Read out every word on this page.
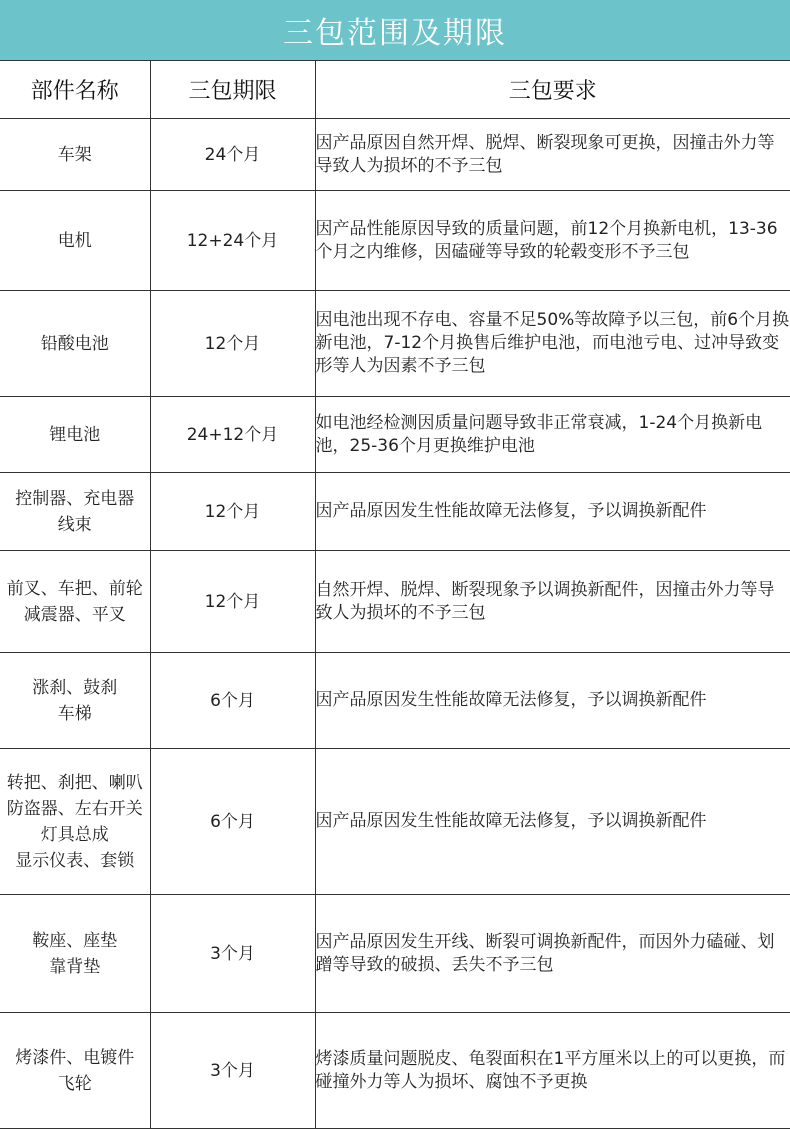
三包范围及期限
部件名称	三包期限	三包要求

车架	24个月	因产品原因自然开焊、脱焊、断裂现象可更换，因撞击外力等导致人为损坏的不予三包

电机	12+24个月	因产品性能原因导致的质量问题，前12个月换新电机，13-36个月之内维修，因磕碰等导致的轮毂变形不予三包

铅酸电池	12个月	因电池出现不存电、容量不足50%等故障予以三包，前6个月换新电池，7-12个月换售后维护电池，而电池亏电、过冲导致变形等人为因素不予三包

锂电池	24+12个月	如电池经检测因质量问题导致非正常衰减，1-24个月换新电池，25-36个月更换维护电池

控制器、充电器
线束	12个月	因产品原因发生性能故障无法修复，予以调换新配件

前叉、车把、前轮
减震器、平叉	12个月	自然开焊、脱焊、断裂现象予以调换新配件，因撞击外力等导致人为损坏的不予三包

涨刹、鼓刹
车梯	6个月	因产品原因发生性能故障无法修复，予以调换新配件

转把、刹把、喇叭
防盗器、左右开关
灯具总成
显示仪表、套锁	6个月	因产品原因发生性能故障无法修复，予以调换新配件

鞍座、座垫
靠背垫	3个月	因产品原因发生开线、断裂可调换新配件，而因外力磕碰、划蹭等导致的破损、丢失不予三包

烤漆件、电镀件
飞轮	3个月	烤漆质量问题脱皮、龟裂面积在1平方厘米以上的可以更换，而碰撞外力等人为损坏、腐蚀不予更换
